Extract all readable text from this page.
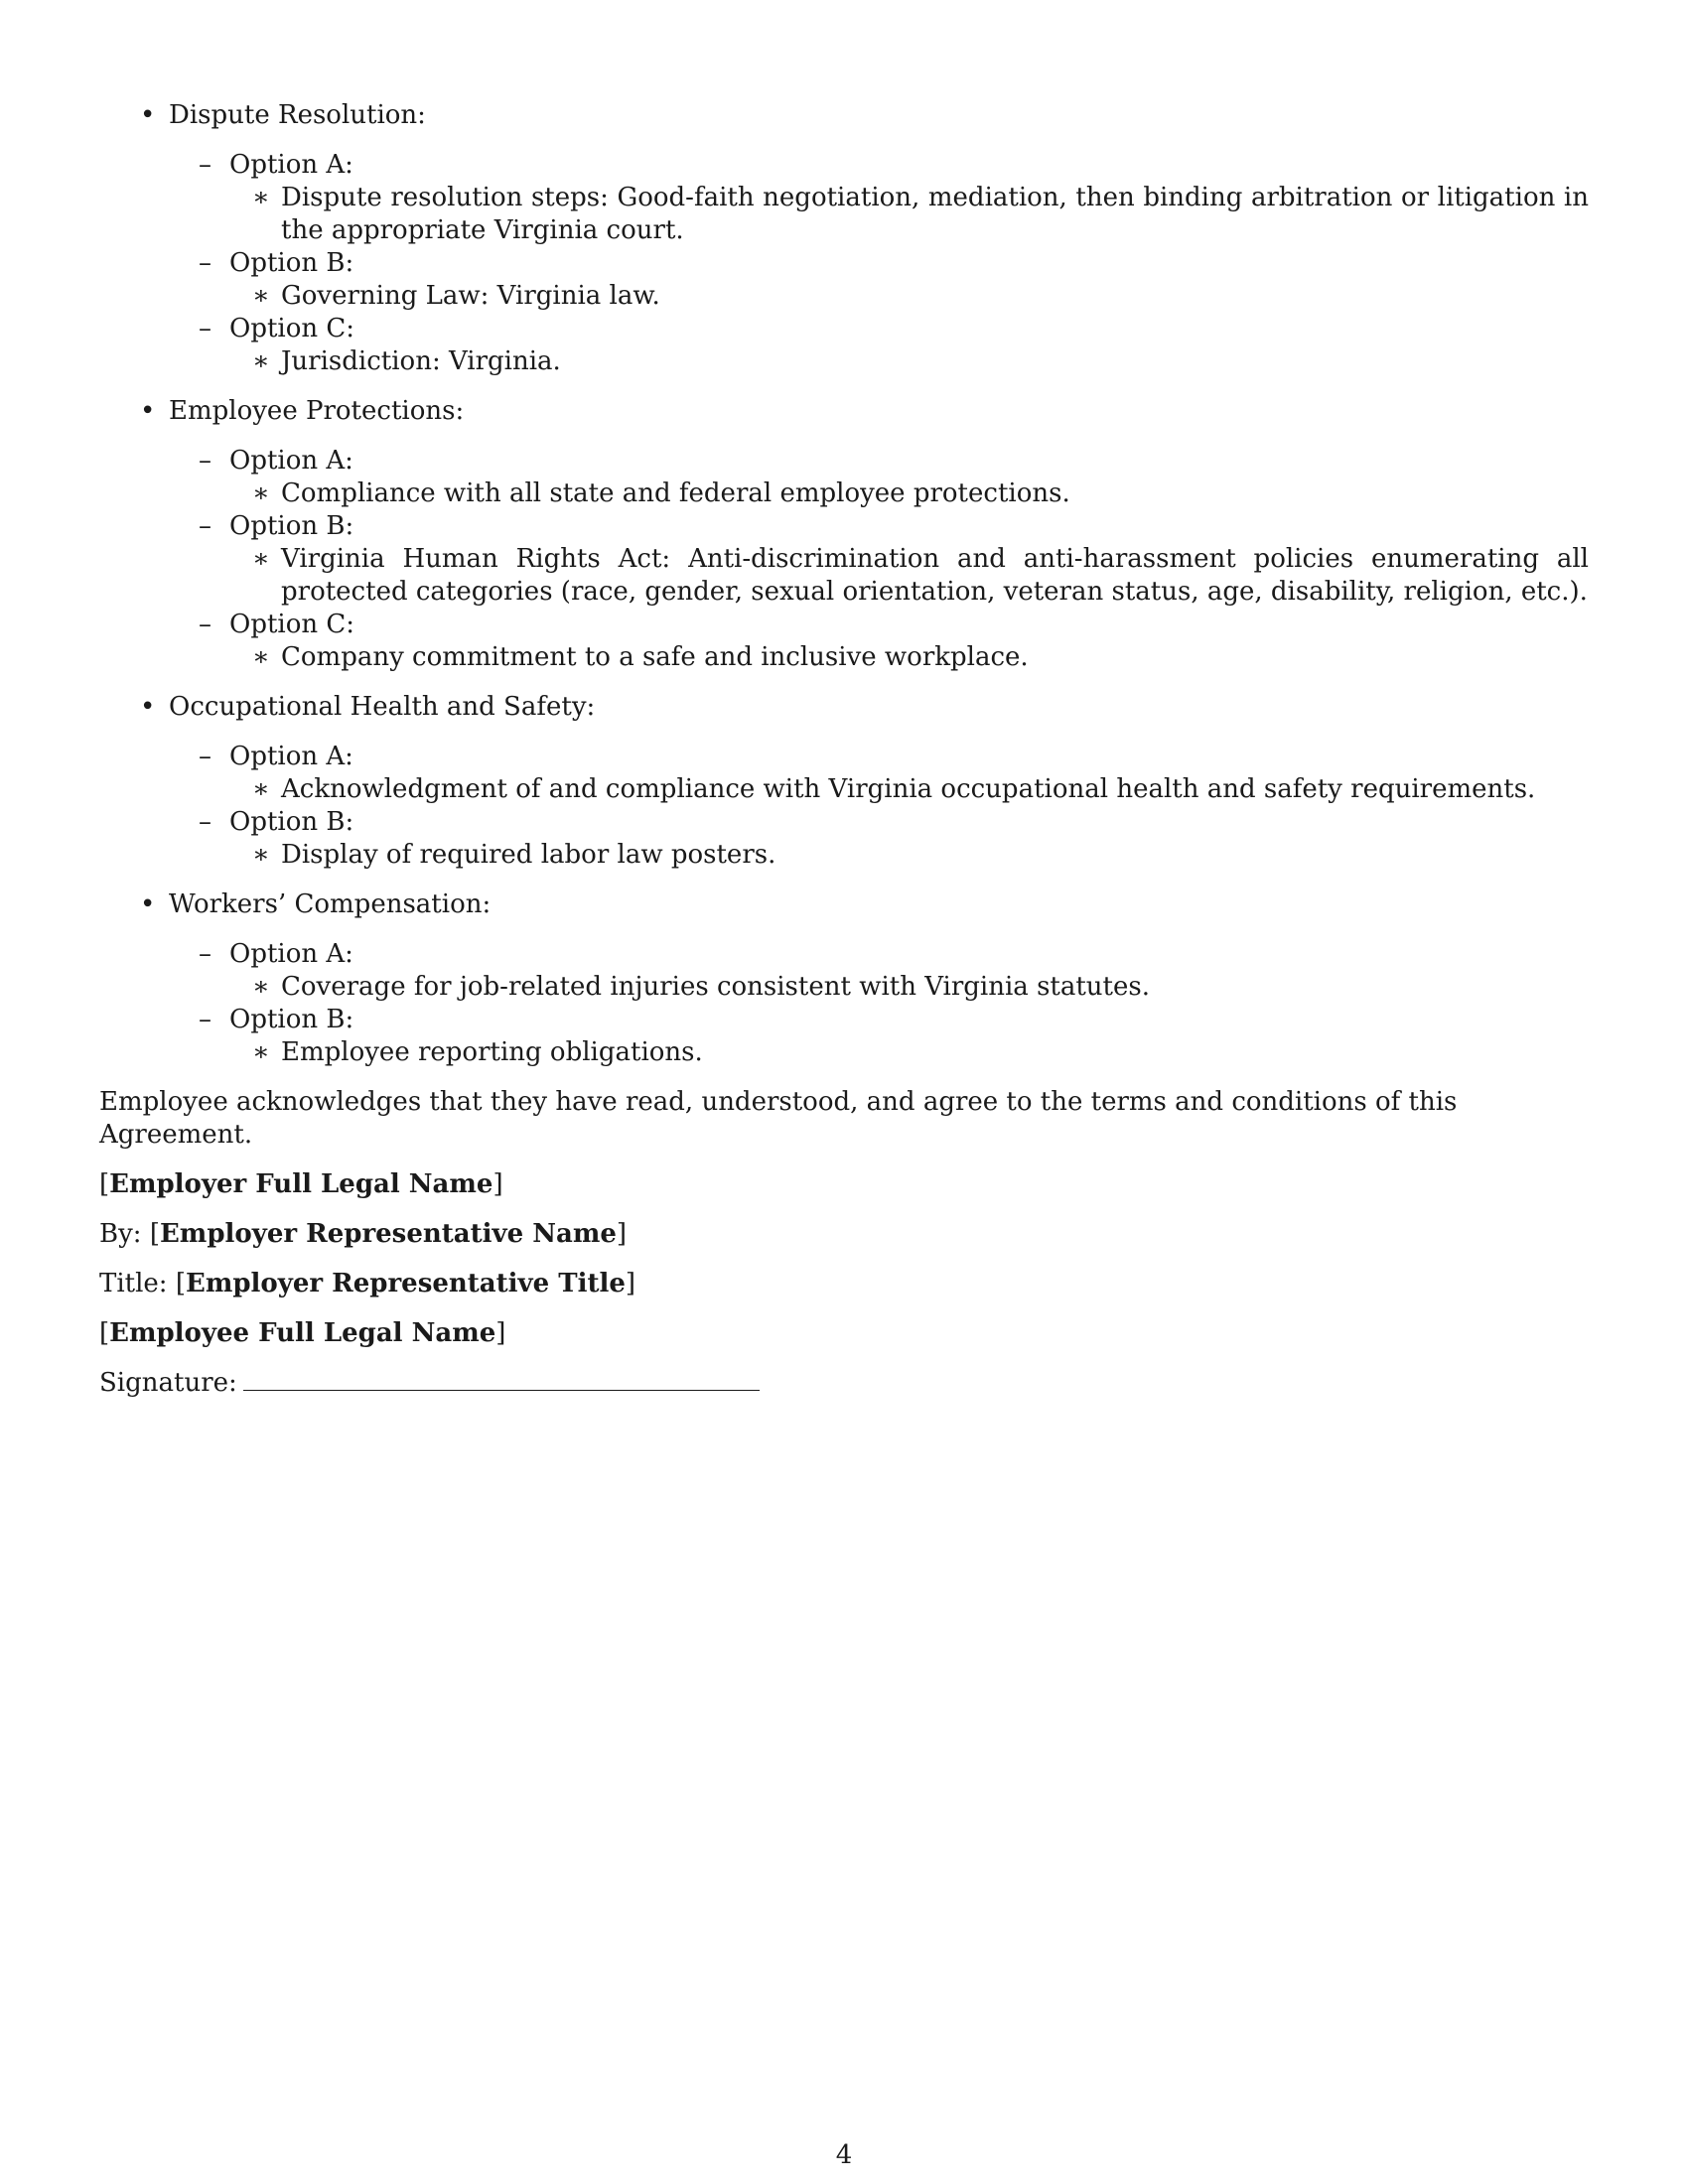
• Dispute Resolution:
– Option A:
∗ Dispute resolution steps: Good-faith negotiation, mediation, then binding arbitration or litigation in the appropriate Virginia court.
– Option B:
∗ Governing Law: Virginia law.
– Option C:
∗ Jurisdiction: Virginia.
• Employee Protections:
– Option A:
∗ Compliance with all state and federal employee protections.
– Option B:
∗ Virginia Human Rights Act: Anti-discrimination and anti-harassment policies enumerating all protected categories (race, gender, sexual orientation, veteran status, age, disability, religion, etc.).
– Option C:
∗ Company commitment to a safe and inclusive workplace.
• Occupational Health and Safety:
– Option A:
∗ Acknowledgment of and compliance with Virginia occupational health and safety requirements.
– Option B:
∗ Display of required labor law posters.
• Workers’ Compensation:
– Option A:
∗ Coverage for job-related injuries consistent with Virginia statutes.
– Option B:
∗ Employee reporting obligations.

Employee acknowledges that they have read, understood, and agree to the terms and conditions of this Agreement.

[Employer Full Legal Name]

By: [Employer Representative Name]

Title: [Employer Representative Title]

[Employee Full Legal Name]

Signature:

4
